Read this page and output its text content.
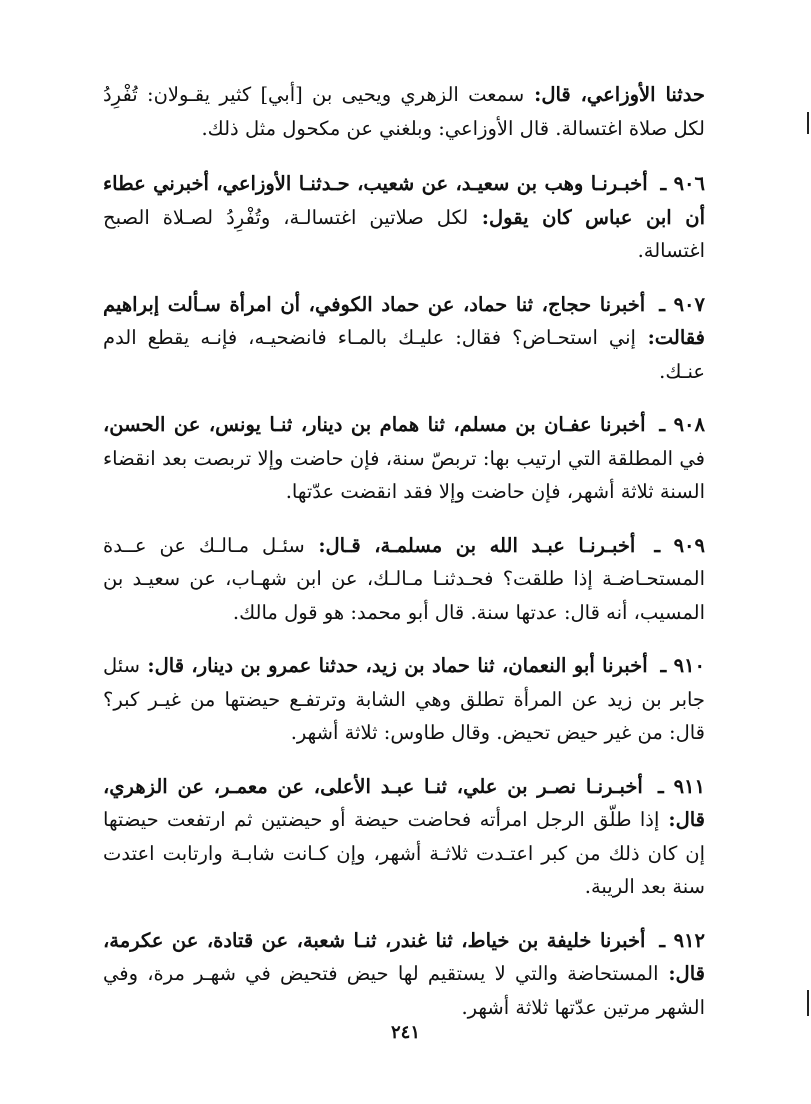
حدثنا الأوزاعي، قال: سمعت الزهري ويحيى بن [أبي] كثير يقـولان: تُفْرِدُ لكل صلاة اغتسالة. قال الأوزاعي: وبلغني عن مكحول مثل ذلك.

٩٠٦ ـ أخبـرنـا وهب بن سعيـد، عن شعيب، حـدثنـا الأوزاعي، أخبرني عطاء أن ابن عباس كان يقول: لكل صلاتين اغتسالـة، وتُفْرِدُ لصـلاة الصبح اغتسالة.

٩٠٧ ـ أخبرنا حجاج، ثنا حماد، عن حماد الكوفي، أن امرأة سـألت إبراهيم فقالت: إني استحـاض؟ فقال: عليـك بالمـاء فانضحيـه، فإنـه يقطع الدم عنـك.

٩٠٨ ـ أخبرنا عفـان بن مسلم، ثنا همام بن دينار، ثنـا يونس، عن الحسن، في المطلقة التي ارتيب بها: تربصّ سنة، فإن حاضت وإلا تربصت بعد انقضاء السنة ثلاثة أشهر، فإن حاضت وإلا فقد انقضت عدّتها.

٩٠٩ ـ أخبـرنـا عبـد الله بن مسلمـة، قـال: سئـل مـالـك عن عــدة المستحـاضـة إذا طلقت؟ فحـدثنـا مـالـك، عن ابن شهـاب، عن سعيـد بن المسيب، أنه قال: عدتها سنة. قال أبو محمد: هو قول مالك.

٩١٠ ـ أخبرنا أبو النعمان، ثنا حماد بن زيد، حدثنا عمرو بن دينار، قال: سئل جابر بن زيد عن المرأة تطلق وهي الشابة وترتفـع حيضتها من غيـر كبر؟ قال: من غير حيض تحيض. وقال طاوس: ثلاثة أشهر.

٩١١ ـ أخبـرنـا نصـر بن علي، ثنـا عبـد الأعلى، عن معمـر، عن الزهري، قال: إذا طلّق الرجل امرأته فحاضت حيضة أو حيضتين ثم ارتفعت حيضتها إن كان ذلك من كبر اعتـدت ثلاثـة أشهر، وإن كـانت شابـة وارتابت اعتدت سنة بعد الريبة.

٩١٢ ـ أخبرنا خليفة بن خياط، ثنا غندر، ثنـا شعبة، عن قتادة، عن عكرمة، قال: المستحاضة والتي لا يستقيم لها حيض فتحيض في شهـر مرة، وفي الشهر مرتين عدّتها ثلاثة أشهر.

٢٤١
